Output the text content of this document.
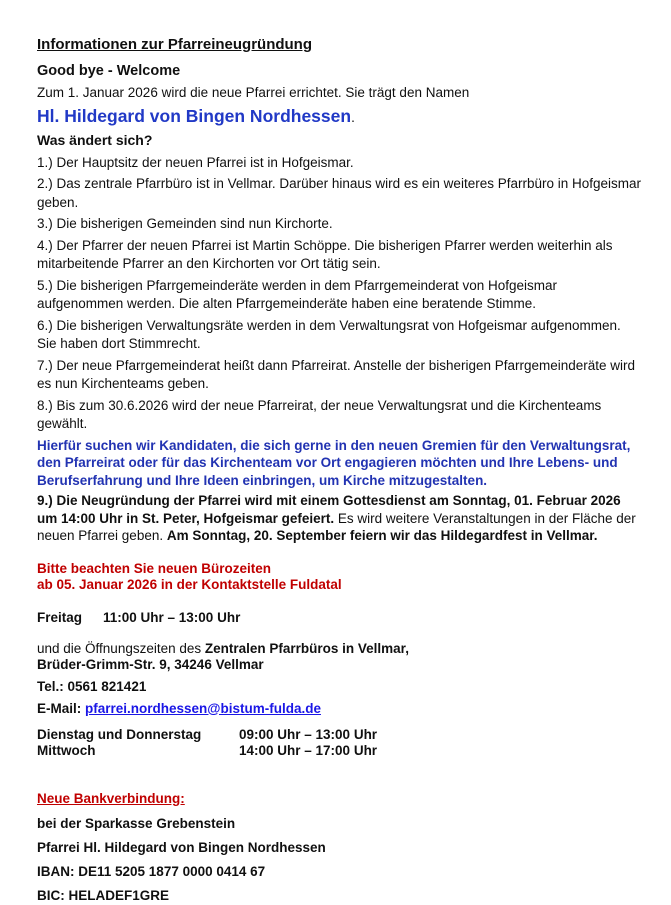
Informationen zur Pfarreineugründung
Good bye - Welcome

Zum 1. Januar 2026 wird die neue Pfarrei errichtet. Sie trägt den Namen

Hl. Hildegard von Bingen Nordhessen.

Was ändert sich?

1.) Der Hauptsitz der neuen Pfarrei ist in Hofgeismar.

2.) Das zentrale Pfarrbüro ist in Vellmar. Darüber hinaus wird es ein weiteres Pfarrbüro in Hofgeismar geben.

3.) Die bisherigen Gemeinden sind nun Kirchorte.

4.) Der Pfarrer der neuen Pfarrei ist Martin Schöppe. Die bisherigen Pfarrer werden weiterhin als mitarbeitende Pfarrer an den Kirchorten vor Ort tätig sein.

5.) Die bisherigen Pfarrgemeinderäte werden in dem Pfarrgemeinderat von Hofgeismar aufgenommen werden. Die alten Pfarrgemeinderäte haben eine beratende Stimme.

6.) Die bisherigen Verwaltungsräte werden in dem Verwaltungsrat von Hofgeismar aufgenommen. Sie haben dort Stimmrecht.

7.) Der neue Pfarrgemeinderat heißt dann Pfarreirat. Anstelle der bisherigen Pfarrgemeinderäte wird es nun Kirchenteams geben.

8.) Bis zum 30.6.2026 wird der neue Pfarreirat, der neue Verwaltungsrat und die Kirchenteams gewählt.

Hierfür suchen wir Kandidaten, die sich gerne in den neuen Gremien für den Verwaltungsrat, den Pfarreirat oder für das Kirchenteam vor Ort engagieren möchten und Ihre Lebens- und Berufserfahrung und Ihre Ideen einbringen, um Kirche mitzugestalten.

9.) Die Neugründung der Pfarrei wird mit einem Gottesdienst am Sonntag, 01. Februar 2026 um 14:00 Uhr in St. Peter, Hofgeismar gefeiert. Es wird weitere Veranstaltungen in der Fläche der neuen Pfarrei geben. Am Sonntag, 20. September feiern wir das Hildegardfest in Vellmar.

Bitte beachten Sie neuen Bürozeiten
ab 05. Januar 2026 in der Kontaktstelle Fuldatal
Freitag	11:00 Uhr – 13:00 Uhr

und die Öffnungszeiten des Zentralen Pfarrbüros in Vellmar,
Brüder-Grimm-Str. 9, 34246 Vellmar

Tel.: 0561 821421

E-Mail: pfarrei.nordhessen@bistum-fulda.de

Dienstag und Donnerstag	09:00 Uhr – 13:00 Uhr
Mittwoch	14:00 Uhr – 17:00 Uhr
Neue Bankverbindung:

bei der Sparkasse Grebenstein

Pfarrei Hl. Hildegard von Bingen Nordhessen

IBAN: DE11 5205 1877 0000 0414 67

BIC: HELADEF1GRE
